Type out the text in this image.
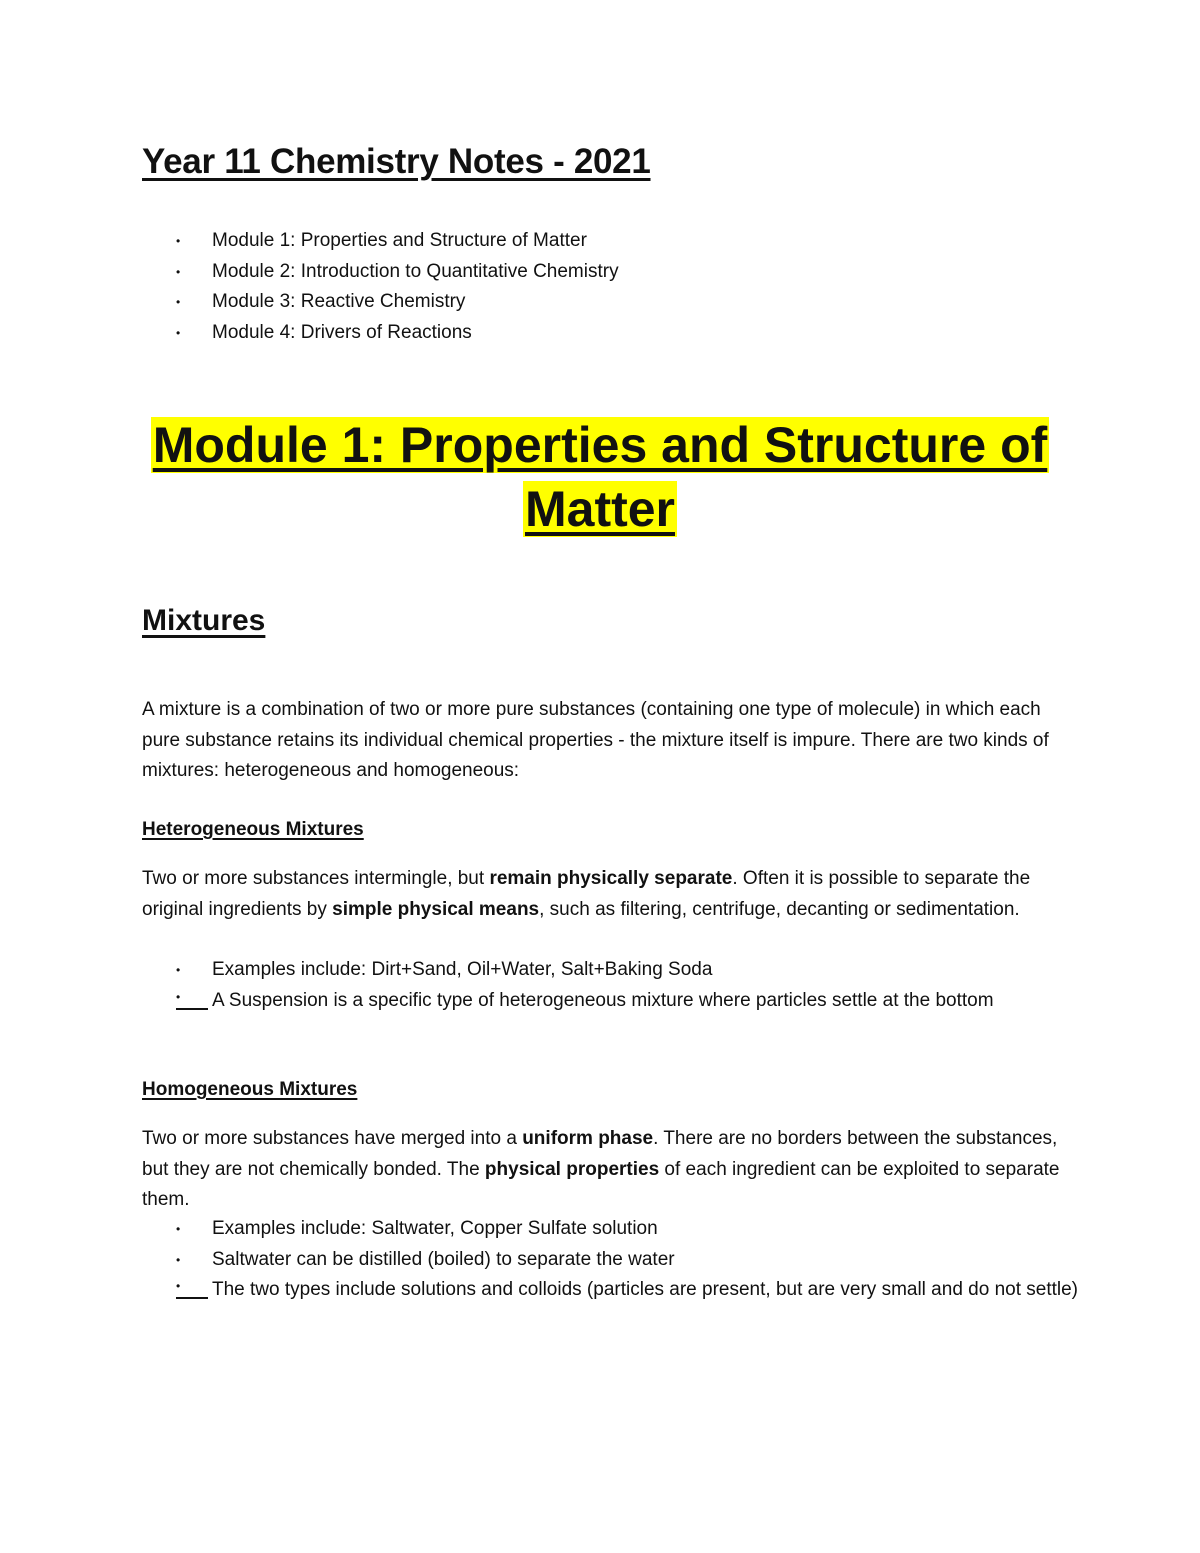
Year 11 Chemistry Notes - 2021
• Module 1: Properties and Structure of Matter
• Module 2: Introduction to Quantitative Chemistry
• Module 3: Reactive Chemistry
• Module 4: Drivers of Reactions
Module 1: Properties and Structure of
Matter
Mixtures

A mixture is a combination of two or more pure substances (containing one type of molecule) in which each pure substance retains its individual chemical properties - the mixture itself is impure. There are two kinds of mixtures: heterogeneous and homogeneous:

Heterogeneous Mixtures

Two or more substances intermingle, but remain physically separate. Often it is possible to separate the original ingredients by simple physical means, such as filtering, centrifuge, decanting or sedimentation.

• Examples include: Dirt+Sand, Oil+Water, Salt+Baking Soda
•	A Suspension is a specific type of heterogeneous mixture where particles settle at the bottom
Homogeneous Mixtures

Two or more substances have merged into a uniform phase. There are no borders between the substances, but they are not chemically bonded. The physical properties of each ingredient can be exploited to separate them.

• Examples include: Saltwater, Copper Sulfate solution
• Saltwater can be distilled (boiled) to separate the water
•	The two types include solutions and colloids (particles are present, but are very small and do not settle)
